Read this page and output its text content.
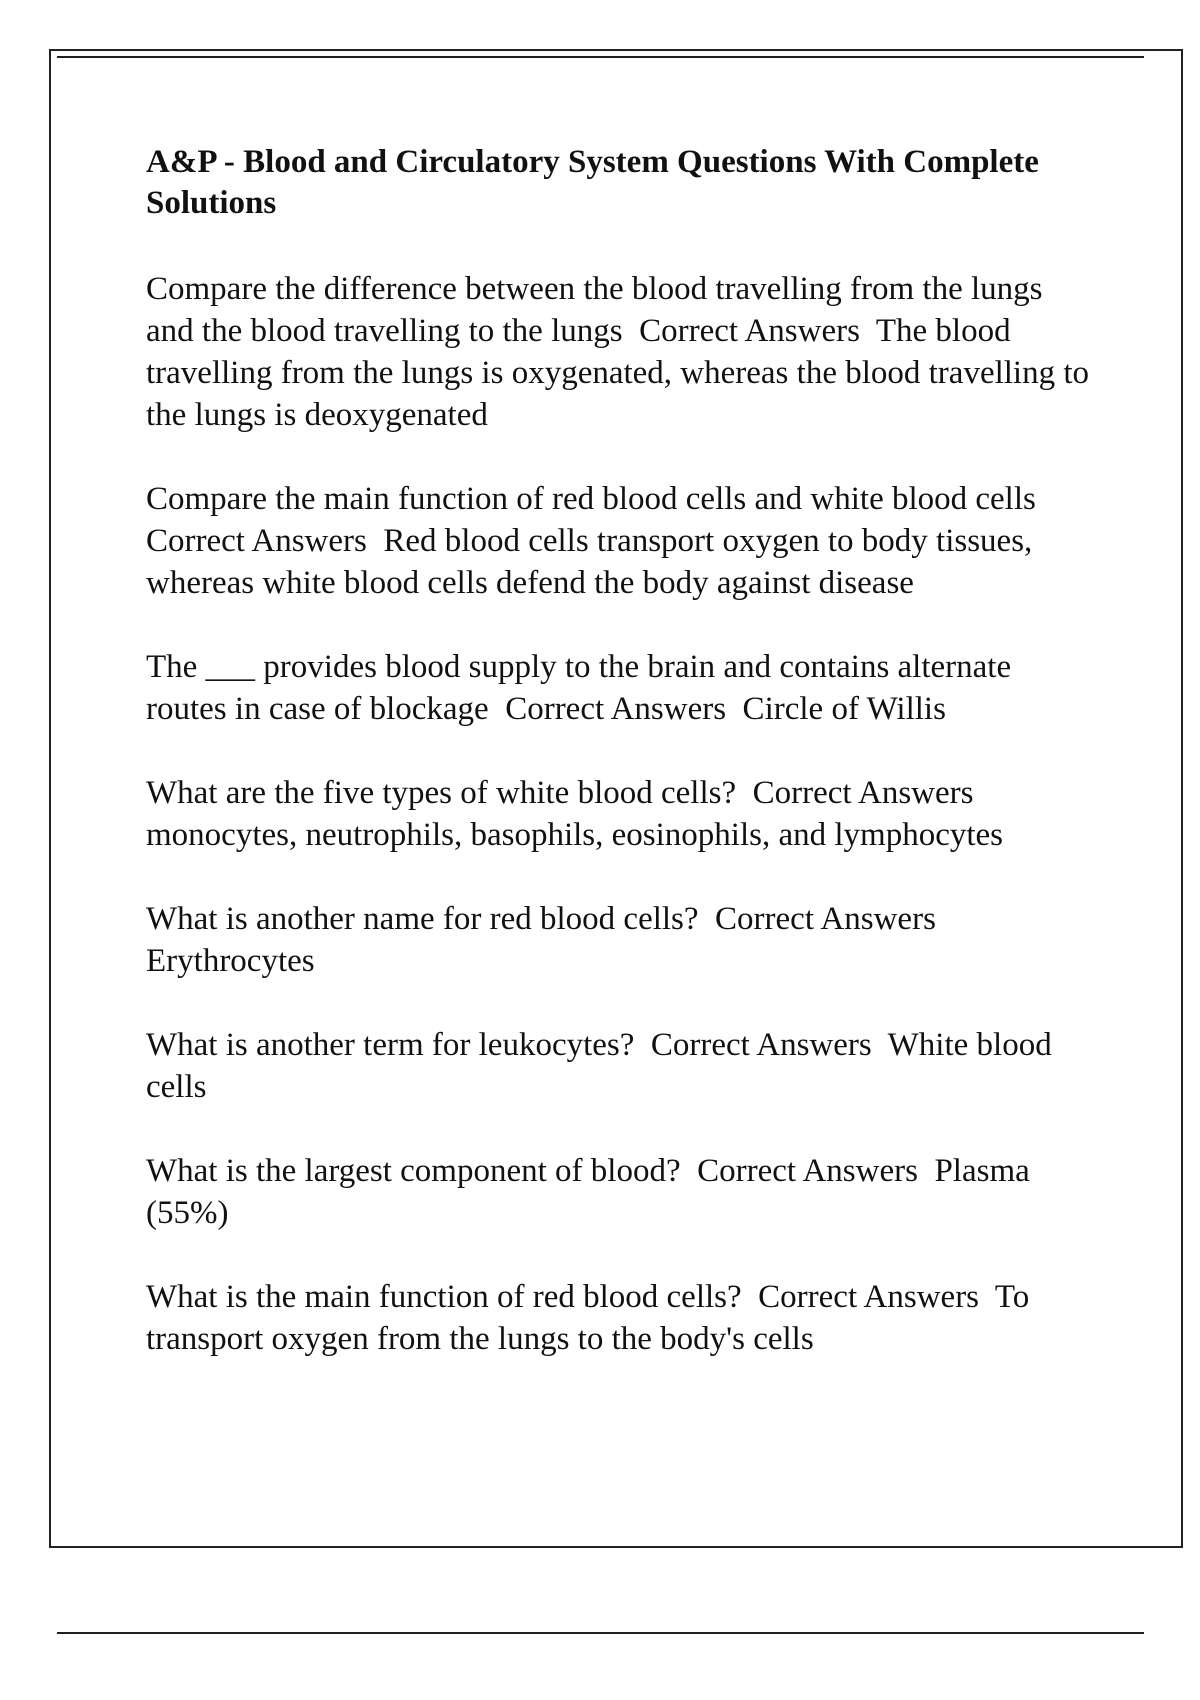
A&P - Blood and Circulatory System Questions With Complete Solutions

Compare the difference between the blood travelling from the lungs and the blood travelling to the lungs  Correct Answers  The blood travelling from the lungs is oxygenated, whereas the blood travelling to the lungs is deoxygenated

Compare the main function of red blood cells and white blood cells  Correct Answers  Red blood cells transport oxygen to body tissues, whereas white blood cells defend the body against disease

The ___ provides blood supply to the brain and contains alternate routes in case of blockage  Correct Answers  Circle of Willis

What are the five types of white blood cells?  Correct Answers  monocytes, neutrophils, basophils, eosinophils, and lymphocytes

What is another name for red blood cells?  Correct Answers  Erythrocytes

What is another term for leukocytes?  Correct Answers  White blood cells

What is the largest component of blood?  Correct Answers  Plasma (55%)

What is the main function of red blood cells?  Correct Answers  To transport oxygen from the lungs to the body's cells
